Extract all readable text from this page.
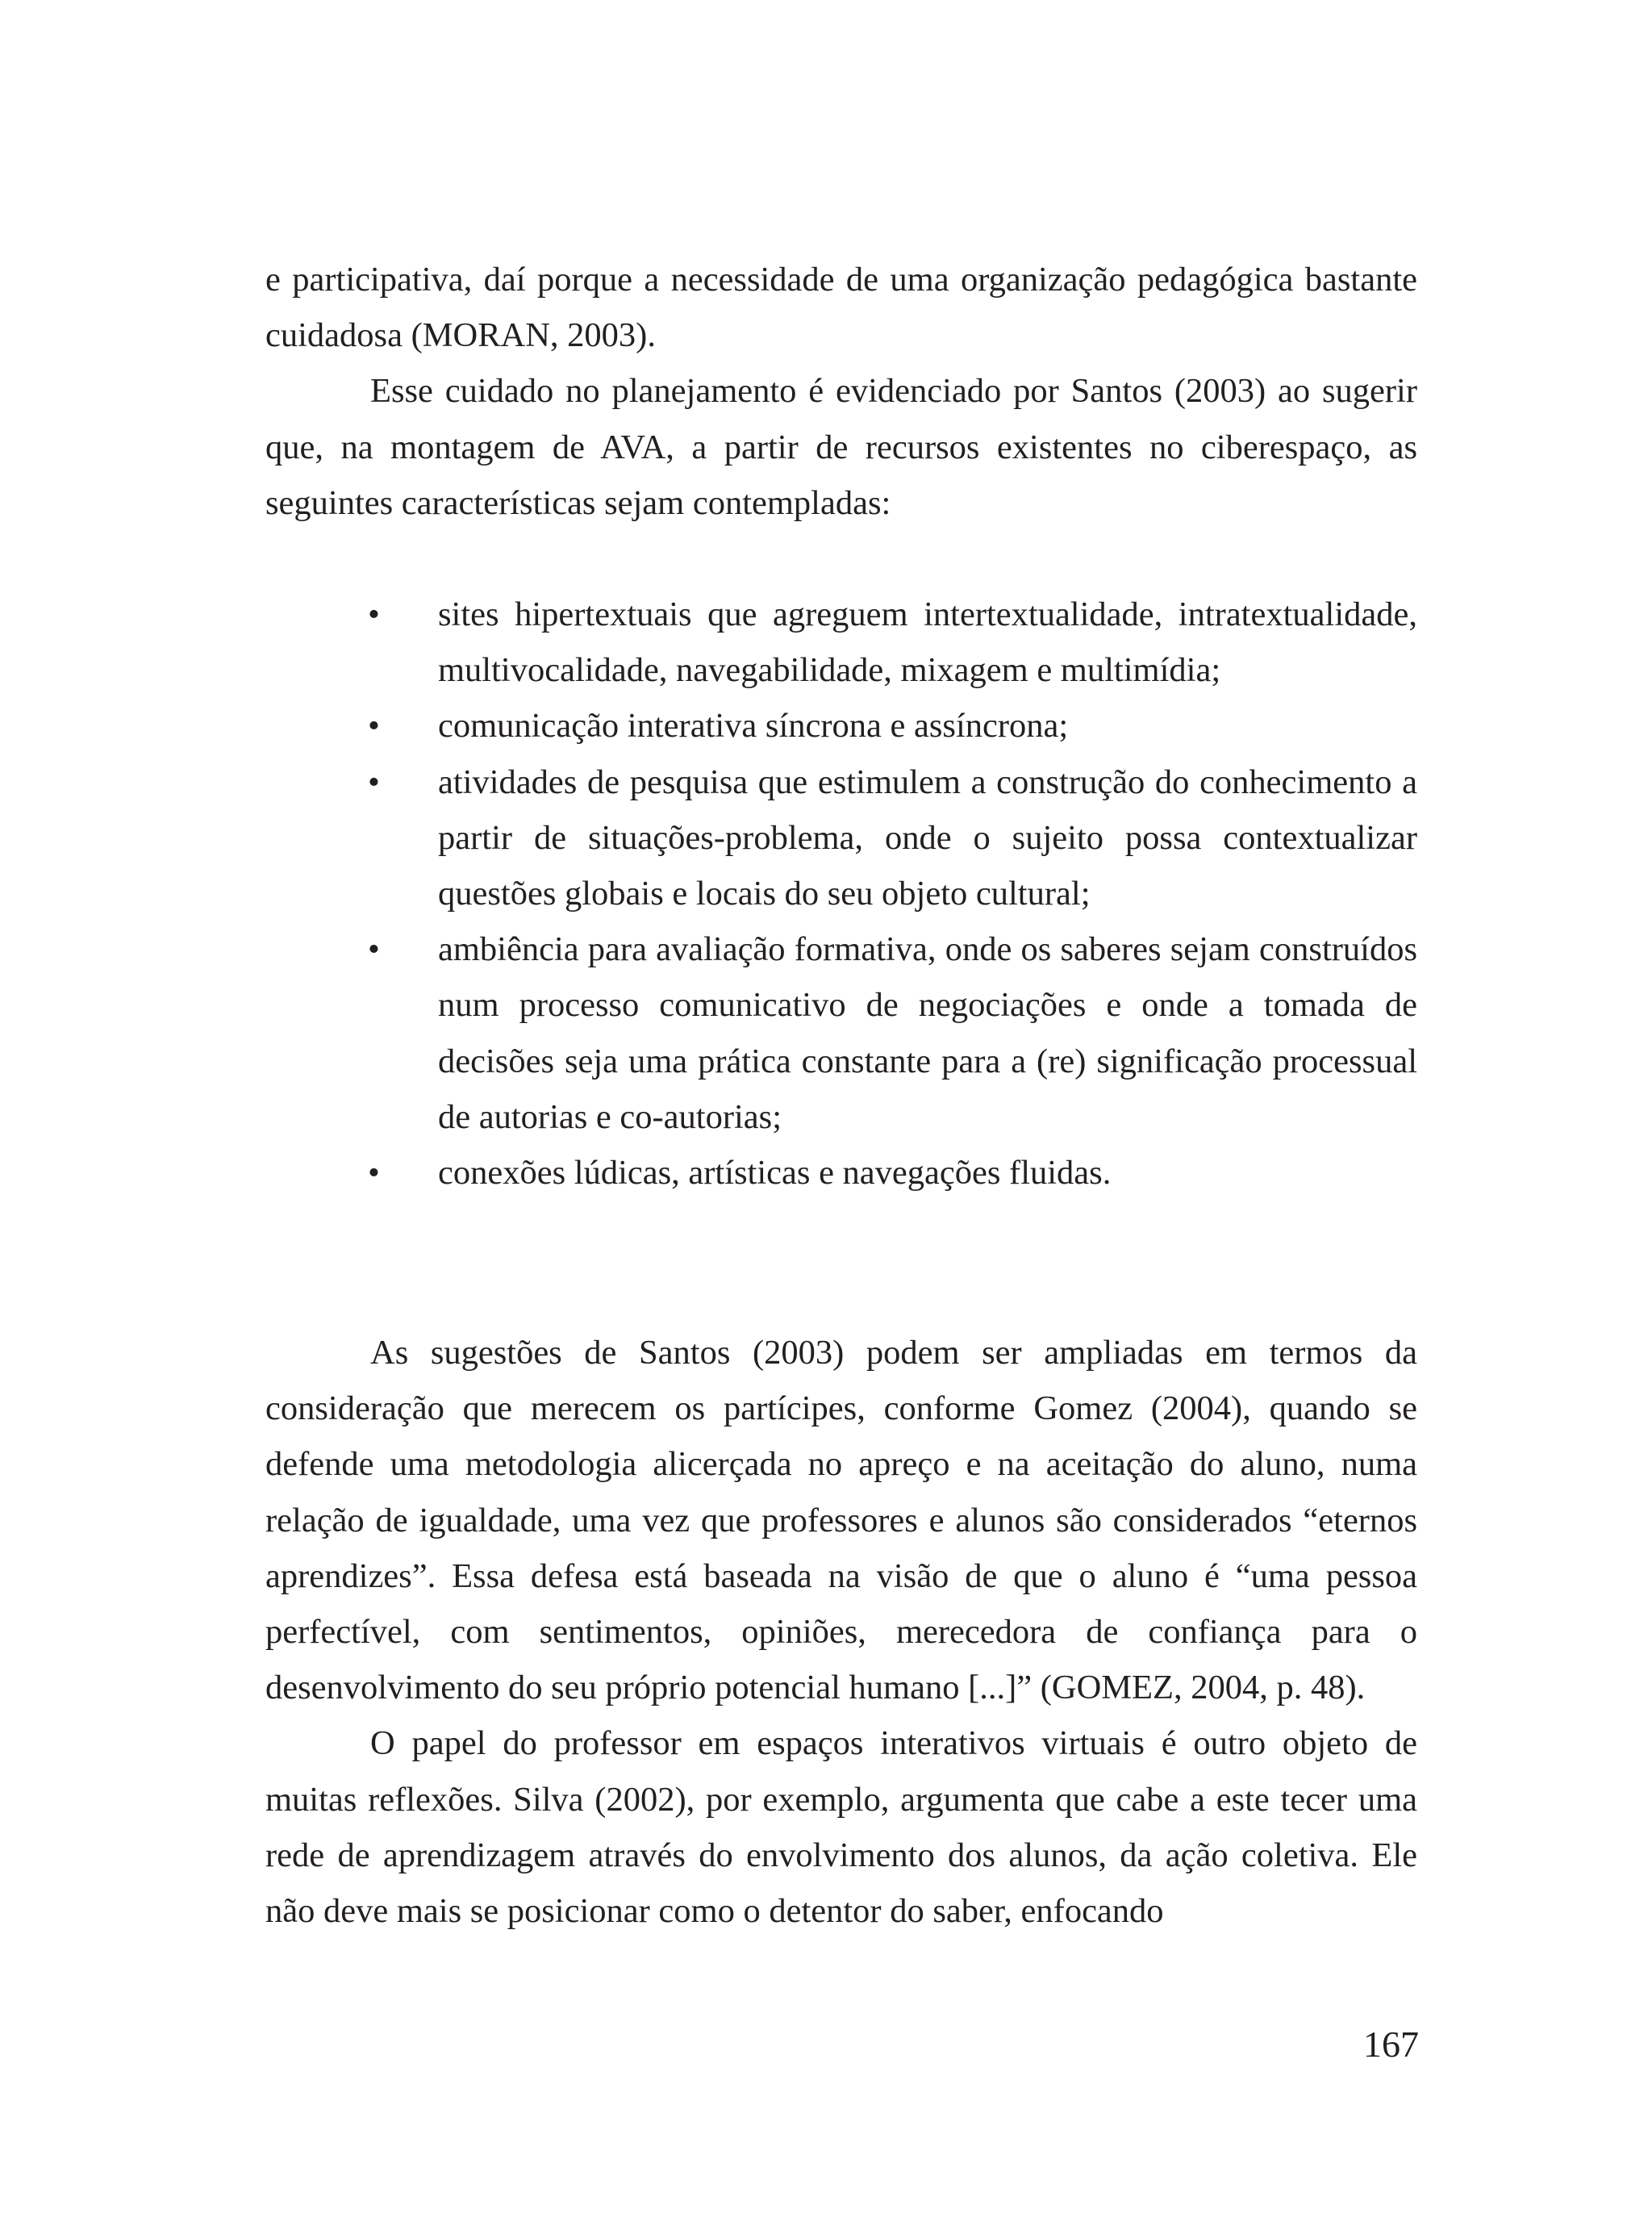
e participativa, daí porque a necessidade de uma organização pedagógica bastante cuidadosa (MORAN, 2003).

Esse cuidado no planejamento é evidenciado por Santos (2003) ao sugerir que, na montagem de AVA, a partir de recursos existentes no ciberespaço, as seguintes características sejam contempladas:

• sites hipertextuais que agreguem intertextualidade, intratextualidade, multivocalidade, navegabilidade, mixagem e multimídia;
• comunicação interativa síncrona e assíncrona;
• atividades de pesquisa que estimulem a construção do conhecimento a partir de situações-problema, onde o sujeito possa contextualizar questões globais e locais do seu objeto cultural;
• ambiência para avaliação formativa, onde os saberes sejam construídos num processo comunicativo de negociações e onde a tomada de decisões seja uma prática constante para a (re) significação processual de autorias e co-autorias;
• conexões lúdicas, artísticas e navegações fluidas.

As sugestões de Santos (2003) podem ser ampliadas em termos da consideração que merecem os partícipes, conforme Gomez (2004), quando se defende uma metodologia alicerçada no apreço e na aceitação do aluno, numa relação de igualdade, uma vez que professores e alunos são considerados “eternos aprendizes”. Essa defesa está baseada na visão de que o aluno é “uma pessoa perfectível, com sentimentos, opiniões, merecedora de confiança para o desenvolvimento do seu próprio potencial humano [...]” (GOMEZ, 2004, p. 48).

O papel do professor em espaços interativos virtuais é outro objeto de muitas reflexões. Silva (2002), por exemplo, argumenta que cabe a este tecer uma rede de aprendizagem através do envolvimento dos alunos, da ação coletiva. Ele não deve mais se posicionar como o detentor do saber, enfocando

167
